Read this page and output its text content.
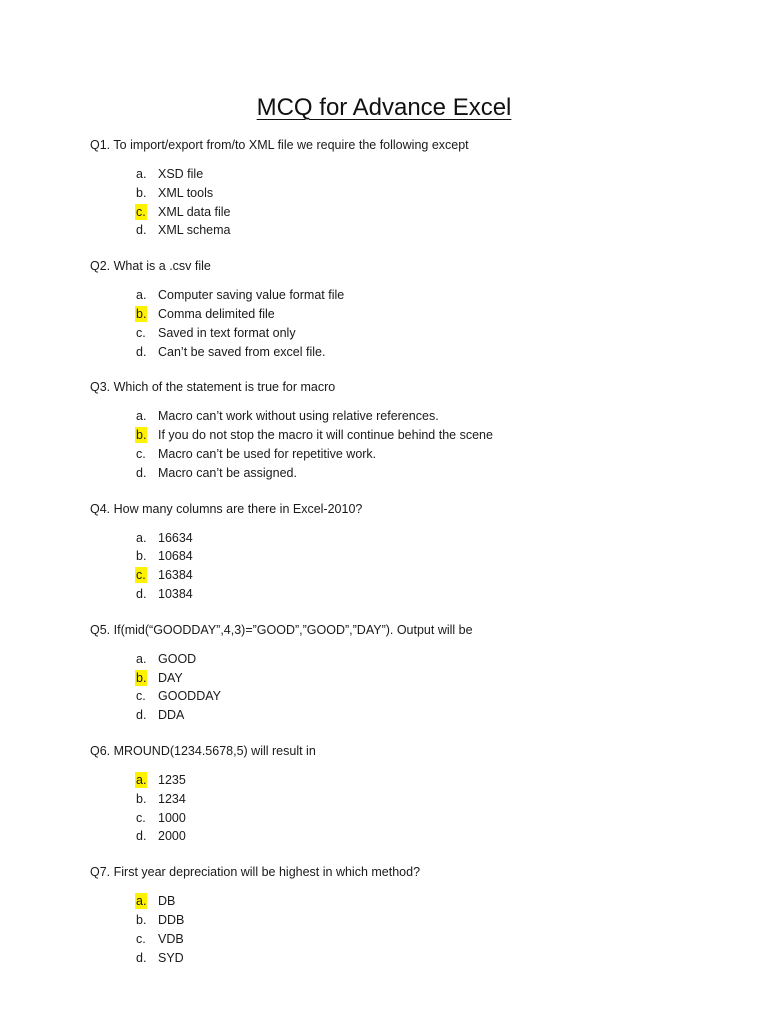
MCQ for Advance Excel
Q1. To import/export from/to XML file we require the following except
a. XSD file
b. XML tools
c. XML data file
d. XML schema
Q2. What is a .csv file
a. Computer saving value format file
b. Comma delimited file
c. Saved in text format only
d. Can’t be saved from excel file.
Q3. Which of the statement is true for macro
a. Macro can’t work without using relative references.
b. If you do not stop the macro it will continue behind the scene
c. Macro can’t be used for repetitive work.
d. Macro can’t be assigned.
Q4. How many columns are there in Excel-2010?
a. 16634
b. 10684
c. 16384
d. 10384
Q5. If(mid(“GOODDAY”,4,3)=”GOOD”,”GOOD”,”DAY”). Output will be
a. GOOD
b. DAY
c. GOODDAY
d. DDA
Q6. MROUND(1234.5678,5) will result in
a. 1235
b. 1234
c. 1000
d. 2000
Q7. First year depreciation will be highest in which method?
a. DB
b. DDB
c. VDB
d. SYD
